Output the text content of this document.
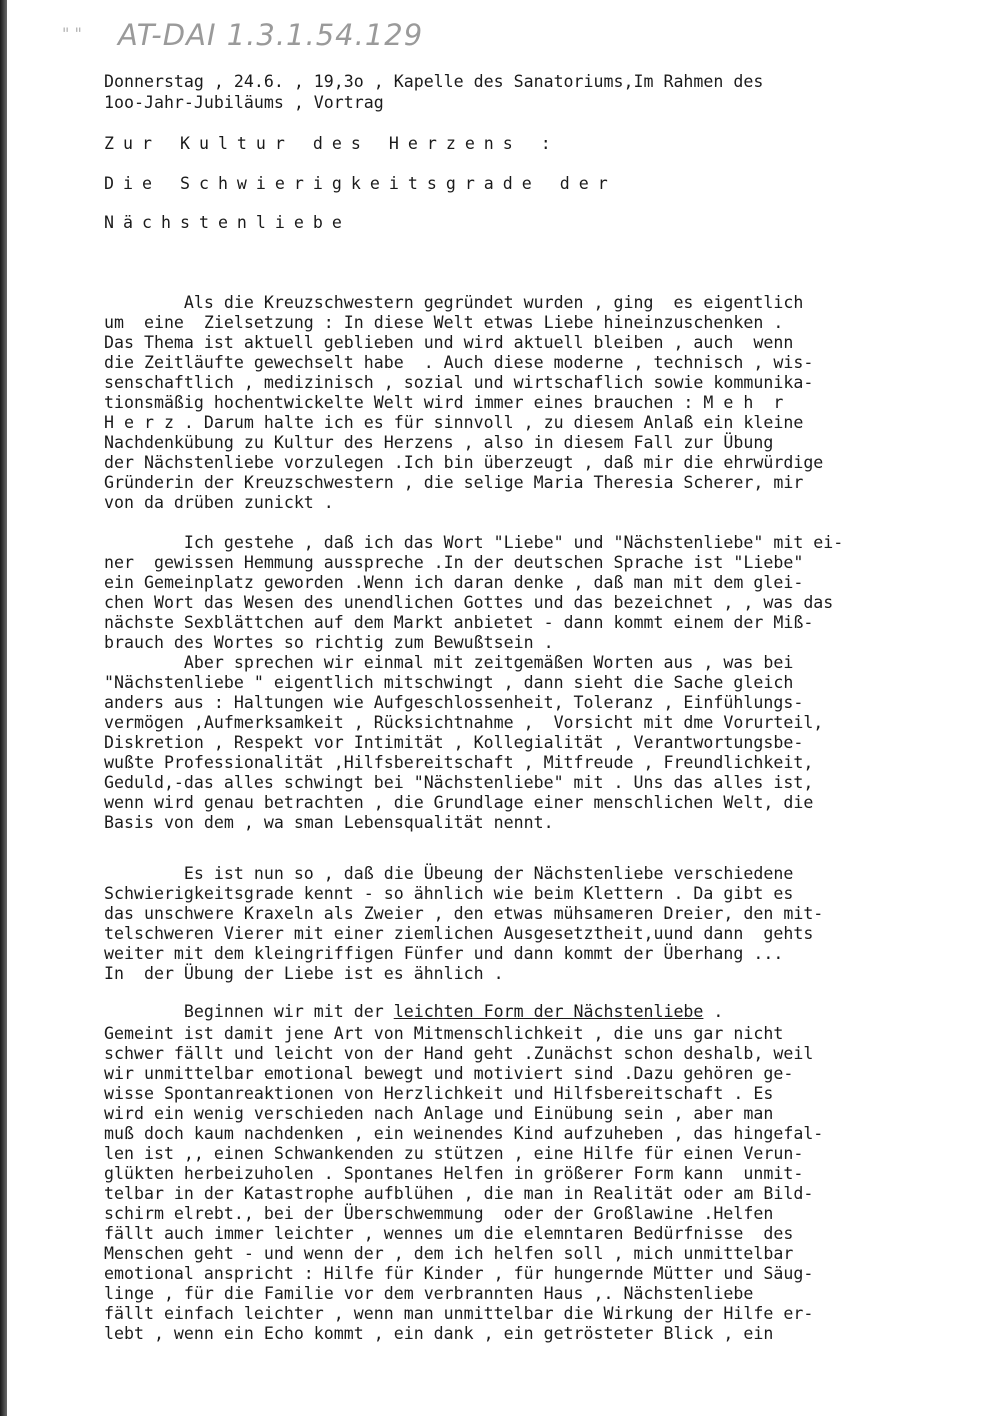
" " AT-DAI 1.3.1.54.129

Donnerstag , 24.6. , 19,3o , Kapelle des Sanatoriums,Im Rahmen des

1oo-Jahr-Jubiläums , Vortrag

Zur Kultur des Herzens :

Die Schwierigkeitsgrade der

Nächstenliebe

Als die Kreuzschwestern gegründet wurden , ging  es eigentlich

um  eine  Zielsetzung : In diese Welt etwas Liebe hineinzuschenken .

Das Thema ist aktuell geblieben und wird aktuell bleiben , auch  wenn

die Zeitläufte gewechselt habe  . Auch diese moderne , technisch , wis-

senschaftlich , medizinisch , sozial und wirtschaflich sowie kommunika-

tionsmäßig hochentwickelte Welt wird immer eines brauchen : M e h  r

H e r z . Darum halte ich es für sinnvoll , zu diesem Anlaß ein kleine

Nachdenkübung zu Kultur des Herzens , also in diesem Fall zur Übung

der Nächstenliebe vorzulegen .Ich bin überzeugt , daß mir die ehrwürdige

Gründerin der Kreuzschwestern , die selige Maria Theresia Scherer, mir

von da drüben zunickt .

Ich gestehe , daß ich das Wort "Liebe" und "Nächstenliebe" mit ei-

ner  gewissen Hemmung ausspreche .In der deutschen Sprache ist "Liebe"

ein Gemeinplatz geworden .Wenn ich daran denke , daß man mit dem glei-

chen Wort das Wesen des unendlichen Gottes und das bezeichnet , , was das

nächste Sexblättchen auf dem Markt anbietet - dann kommt einem der Miß-

brauch des Wortes so richtig zum Bewußtsein .

Aber sprechen wir einmal mit zeitgemäßen Worten aus , was bei

"Nächstenliebe " eigentlich mitschwingt , dann sieht die Sache gleich

anders aus : Haltungen wie Aufgeschlossenheit, Toleranz , Einfühlungs-

vermögen ,Aufmerksamkeit , Rücksichtnahme ,  Vorsicht mit dme Vorurteil,

Diskretion , Respekt vor Intimität , Kollegialität , Verantwortungsbe-

wußte Professionalität ,Hilfsbereitschaft , Mitfreude , Freundlichkeit,

Geduld,-das alles schwingt bei "Nächstenliebe" mit . Uns das alles ist,

wenn wird genau betrachten , die Grundlage einer menschlichen Welt, die

Basis von dem , wa sman Lebensqualität nennt.

Es ist nun so , daß die Übeung der Nächstenliebe verschiedene

Schwierigkeitsgrade kennt - so ähnlich wie beim Klettern . Da gibt es

das unschwere Kraxeln als Zweier , den etwas mühsameren Dreier, den mit-

telschweren Vierer mit einer ziemlichen Ausgesetztheit,uund dann  gehts

weiter mit dem kleingriffigen Fünfer und dann kommt der Überhang ...

In  der Übung der Liebe ist es ähnlich .

Beginnen wir mit der leichten Form der Nächstenliebe .

Gemeint ist damit jene Art von Mitmenschlichkeit , die uns gar nicht

schwer fällt und leicht von der Hand geht .Zunächst schon deshalb, weil

wir unmittelbar emotional bewegt und motiviert sind .Dazu gehören ge-

wisse Spontanreaktionen von Herzlichkeit und Hilfsbereitschaft . Es

wird ein wenig verschieden nach Anlage und Einübung sein , aber man

muß doch kaum nachdenken , ein weinendes Kind aufzuheben , das hingefal-

len ist ,, einen Schwankenden zu stützen , eine Hilfe für einen Verun-

glükten herbeizuholen . Spontanes Helfen in größerer Form kann  unmit-

telbar in der Katastrophe aufblühen , die man in Realität oder am Bild-

schirm elrebt., bei der Überschwemmung  oder der Großlawine .Helfen

fällt auch immer leichter , wennes um die elemntaren Bedürfnisse  des

Menschen geht - und wenn der , dem ich helfen soll , mich unmittelbar

emotional anspricht : Hilfe für Kinder , für hungernde Mütter und Säug-

linge , für die Familie vor dem verbrannten Haus ,. Nächstenliebe

fällt einfach leichter , wenn man unmittelbar die Wirkung der Hilfe er-

lebt , wenn ein Echo kommt , ein dank , ein getrösteter Blick , ein
